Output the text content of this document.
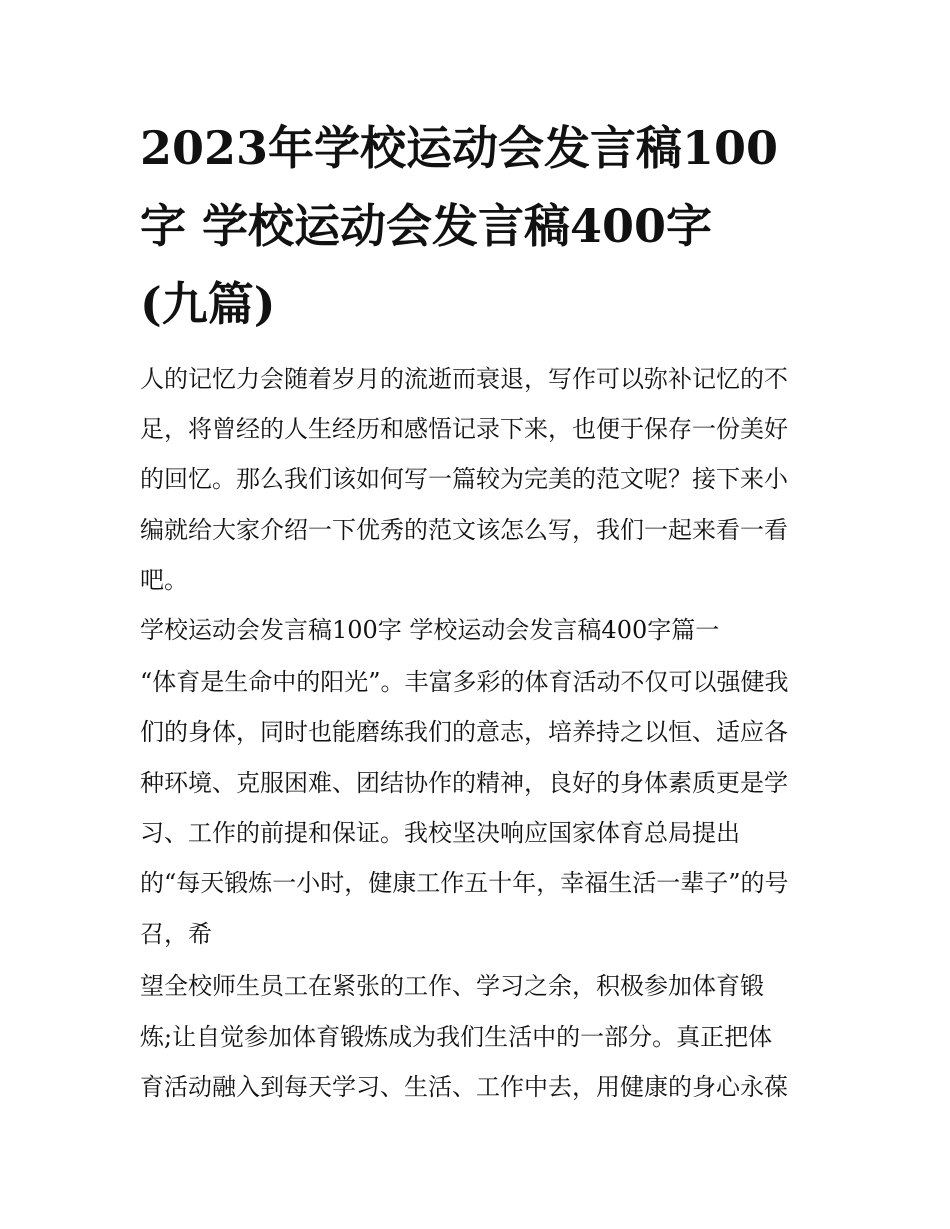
2023年学校运动会发言稿100
字 学校运动会发言稿400字
(九篇)

人的记忆力会随着岁月的流逝而衰退，写作可以弥补记忆的不

足，将曾经的人生经历和感悟记录下来，也便于保存一份美好

的回忆。那么我们该如何写一篇较为完美的范文呢？接下来小

编就给大家介绍一下优秀的范文该怎么写，我们一起来看一看

吧。

学校运动会发言稿100字 学校运动会发言稿400字篇一

“体育是生命中的阳光”。丰富多彩的体育活动不仅可以强健我

们的身体，同时也能磨练我们的意志，培养持之以恒、适应各

种环境、克服困难、团结协作的精神，良好的身体素质更是学

习、工作的前提和保证。我校坚决响应国家体育总局提出

的“每天锻炼一小时，健康工作五十年，幸福生活一辈子”的号

召，希

望全校师生员工在紧张的工作、学习之余，积极参加体育锻

炼;让自觉参加体育锻炼成为我们生活中的一部分。真正把体

育活动融入到每天学习、生活、工作中去，用健康的身心永葆
